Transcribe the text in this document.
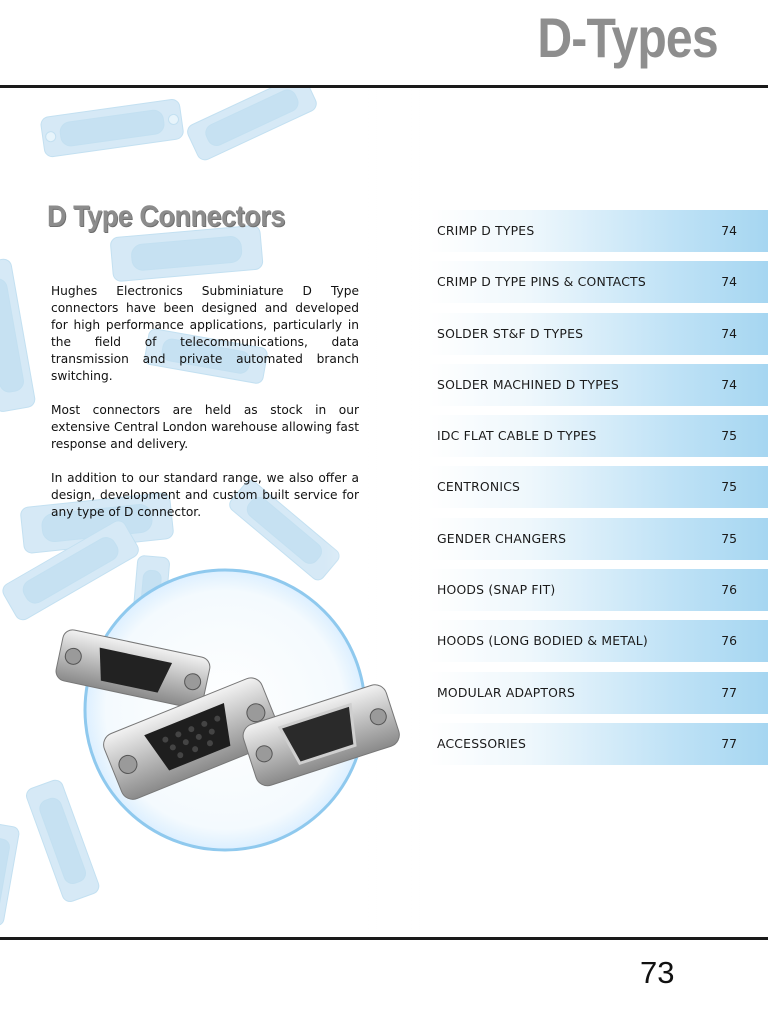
D-Types
D Type Connectors

Hughes Electronics Subminiature D Type connectors have been designed and developed for high performance applications, particularly in the field of telecommunications, data transmission and private automated branch switching.

Most connectors are held as stock in our extensive Central London warehouse allowing fast response and delivery.

In addition to our standard range, we also offer a design, development and custom built service for any type of D connector.

CRIMP D TYPES	74
CRIMP D TYPE PINS & CONTACTS	74
SOLDER ST&F D TYPES	74
SOLDER MACHINED D TYPES	74
IDC FLAT CABLE D TYPES	75
CENTRONICS	75
GENDER CHANGERS	75
HOODS (SNAP FIT)	76
HOODS (LONG BODIED & METAL)	76
MODULAR ADAPTORS	77
ACCESSORIES	77
73
